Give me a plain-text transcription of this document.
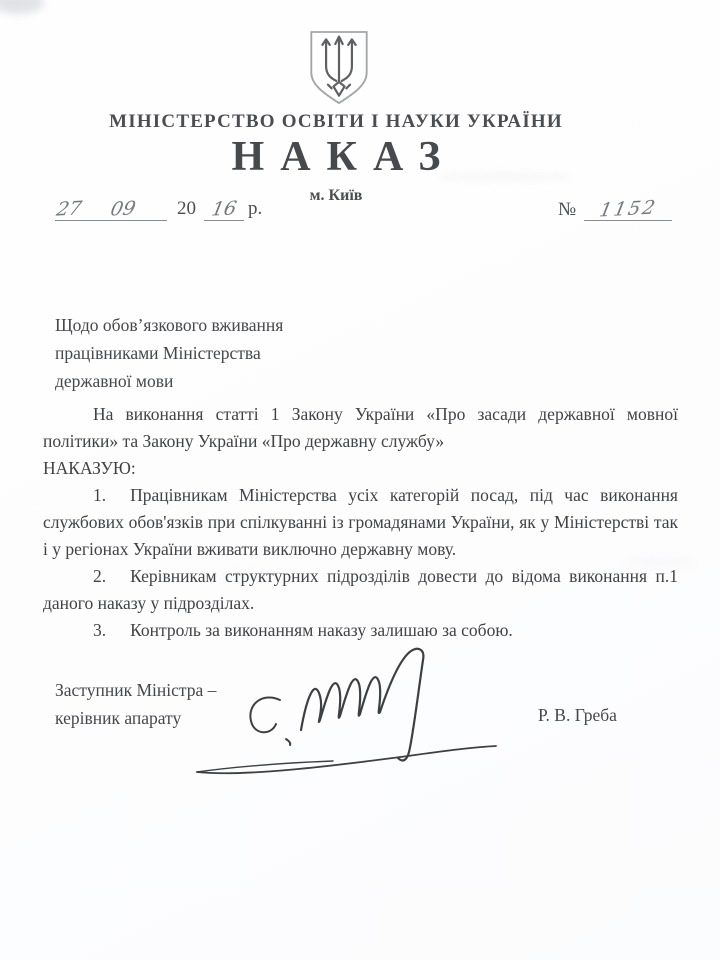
МІНІСТЕРСТВО ОСВІТИ І НАУКИ УКРАЇНИ
НАКАЗ
м. Київ
27 09 20 16 р.	№ 1152
Щодо обов’язкового вживання
працівниками Міністерства
державної мови

На виконання статті 1 Закону України «Про засади державної мовної політики» та Закону України «Про державну службу»

НАКАЗУЮ:

1. Працівникам Міністерства усіх категорій посад, під час виконання службових обов'язків при спілкуванні із громадянами України, як у Міністерстві так і у регіонах України вживати виключно державну мову.

2. Керівникам структурних підрозділів довести до відома виконання п.1 даного наказу у підрозділах.

3. Контроль за виконанням наказу залишаю за собою.

Заступник Міністра –
керівник апарату	Р. В. Греба
